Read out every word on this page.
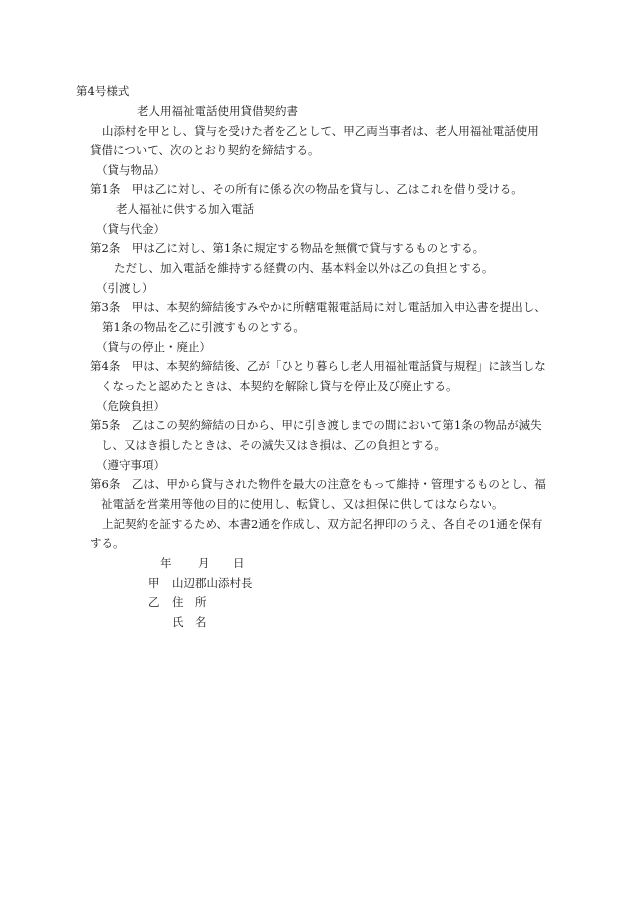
第4号様式
老人用福祉電話使用貸借契約書
山添村を甲とし、貸与を受けた者を乙として、甲乙両当事者は、老人用福祉電話使用
貸借について、次のとおり契約を締結する。
（貸与物品）
第1条　甲は乙に対し、その所有に係る次の物品を貸与し、乙はこれを借り受ける。
老人福祉に供する加入電話
（貸与代金）
第2条　甲は乙に対し、第1条に規定する物品を無償で貸与するものとする。
ただし、加入電話を維持する経費の内、基本料金以外は乙の負担とする。
（引渡し）
第3条　甲は、本契約締結後すみやかに所轄電報電話局に対し電話加入申込書を提出し、
第1条の物品を乙に引渡すものとする。
（貸与の停止・廃止）
第4条　甲は、本契約締結後、乙が「ひとり暮らし老人用福祉電話貸与規程」に該当しな
くなったと認めたときは、本契約を解除し貸与を停止及び廃止する。
（危険負担）
第5条　乙はこの契約締結の日から、甲に引き渡しまでの間において第1条の物品が滅失
し、又はき損したときは、その滅失又はき損は、乙の負担とする。
（遵守事項）
第6条　乙は、甲から貸与された物件を最大の注意をもって維持・管理するものとし、福
祉電話を営業用等他の目的に使用し、転貸し、又は担保に供してはならない。
上記契約を証するため、本書2通を作成し、双方記名押印のうえ、各自その1通を保有
する。
年 月 日
甲 山辺郡山添村長
乙 住　所
氏　名
